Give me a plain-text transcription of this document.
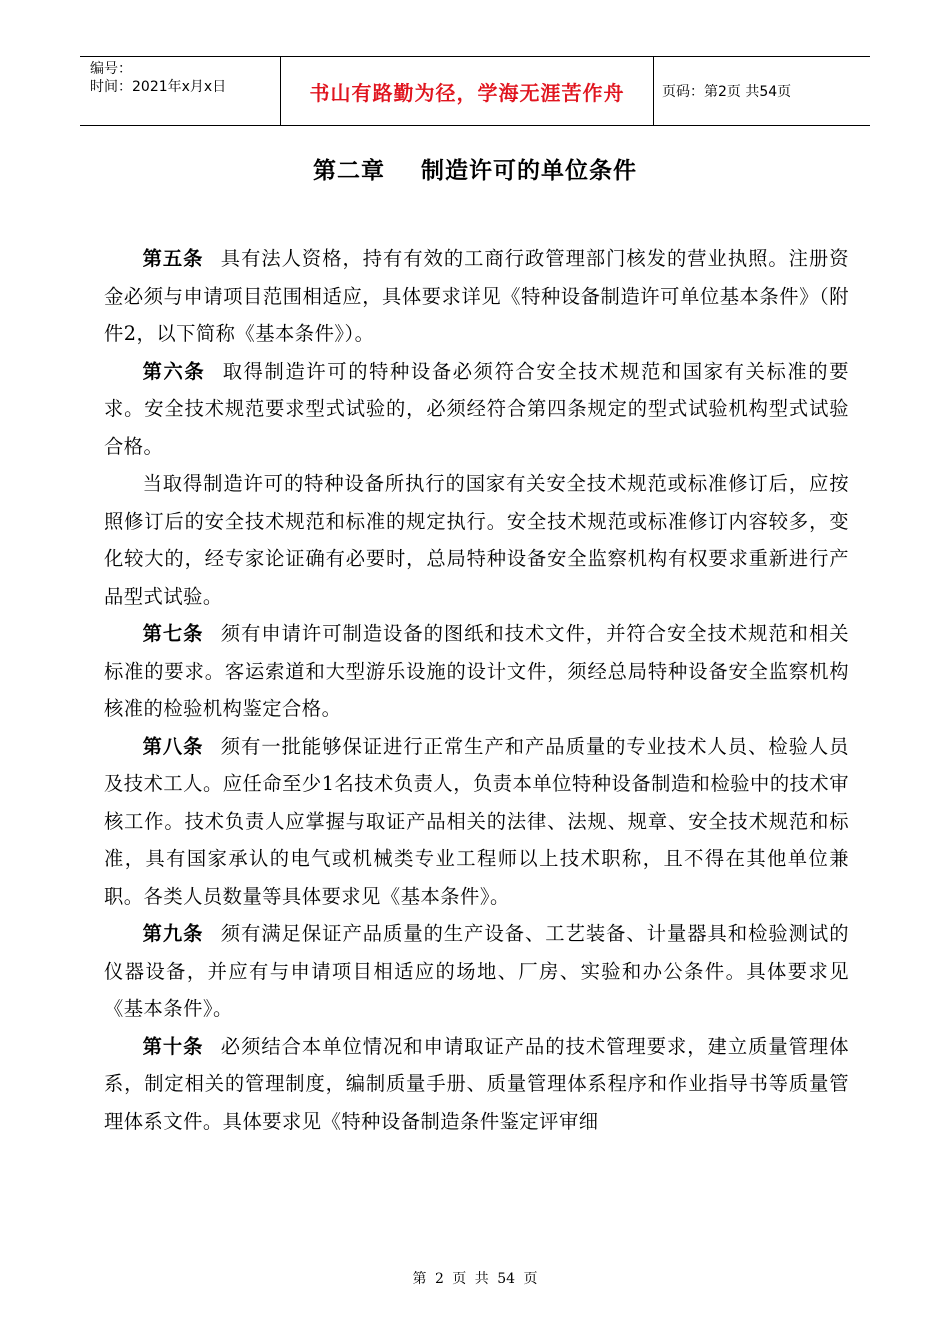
编号：
时间：2021年x月x日	书山有路勤为径，学海无涯苦作舟	页码：第2页 共54页
第二章    制造许可的单位条件

第五条 具有法人资格，持有有效的工商行政管理部门核发的营业执照。注册资金必须与申请项目范围相适应，具体要求详见《特种设备制造许可单位基本条件》（附件2，以下简称《基本条件》）。

第六条 取得制造许可的特种设备必须符合安全技术规范和国家有关标准的要求。安全技术规范要求型式试验的，必须经符合第四条规定的型式试验机构型式试验合格。

当取得制造许可的特种设备所执行的国家有关安全技术规范或标准修订后，应按照修订后的安全技术规范和标准的规定执行。安全技术规范或标准修订内容较多，变化较大的，经专家论证确有必要时，总局特种设备安全监察机构有权要求重新进行产品型式试验。

第七条 须有申请许可制造设备的图纸和技术文件，并符合安全技术规范和相关标准的要求。客运索道和大型游乐设施的设计文件，须经总局特种设备安全监察机构核准的检验机构鉴定合格。

第八条 须有一批能够保证进行正常生产和产品质量的专业技术人员、检验人员及技术工人。应任命至少1名技术负责人，负责本单位特种设备制造和检验中的技术审核工作。技术负责人应掌握与取证产品相关的法律、法规、规章、安全技术规范和标准，具有国家承认的电气或机械类专业工程师以上技术职称，且不得在其他单位兼职。各类人员数量等具体要求见《基本条件》。

第九条 须有满足保证产品质量的生产设备、工艺装备、计量器具和检验测试的仪器设备，并应有与申请项目相适应的场地、厂房、实验和办公条件。具体要求见《基本条件》。

第十条 必须结合本单位情况和申请取证产品的技术管理要求，建立质量管理体系，制定相关的管理制度，编制质量手册、质量管理体系程序和作业指导书等质量管理体系文件。具体要求见《特种设备制造条件鉴定评审细

第 2 页 共 54 页
